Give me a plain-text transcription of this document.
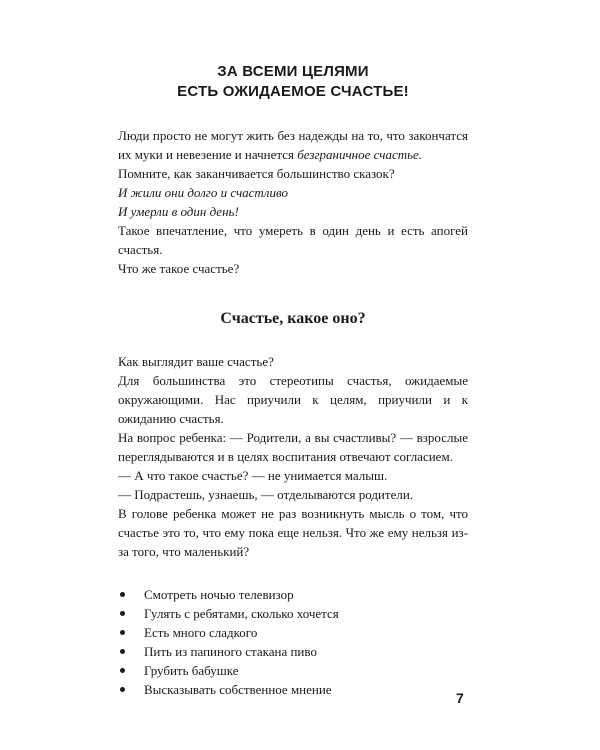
ЗА ВСЕМИ ЦЕЛЯМИ
ЕСТЬ ОЖИДАЕМОЕ СЧАСТЬЕ!

Люди просто не могут жить без надежды на то, что закончатся их муки и невезение и начнется безграничное счастье.

Помните, как заканчивается большинство сказок?

И жили они долго и счастливо

И умерли в один день!

Такое впечатление, что умереть в один день и есть апогей счастья.

Что же такое счастье?

Счастье, какое оно?

Как выглядит ваше счастье?

Для большинства это стереотипы счастья, ожидаемые окружающими. Нас приучили к целям, приучили и к ожиданию счастья.

На вопрос ребенка: — Родители, а вы счастливы? — взрослые переглядываются и в целях воспитания отвечают согласием.

— А что такое счастье? — не унимается малыш.

— Подрастешь, узнаешь, — отделываются родители.

В голове ребенка может не раз возникнуть мысль о том, что счастье это то, что ему пока еще нельзя. Что же ему нельзя из-за того, что маленький?

Смотреть ночью телевизор
Гулять с ребятами, сколько хочется
Есть много сладкого
Пить из папиного стакана пиво
Грубить бабушке
Высказывать собственное мнение
7
